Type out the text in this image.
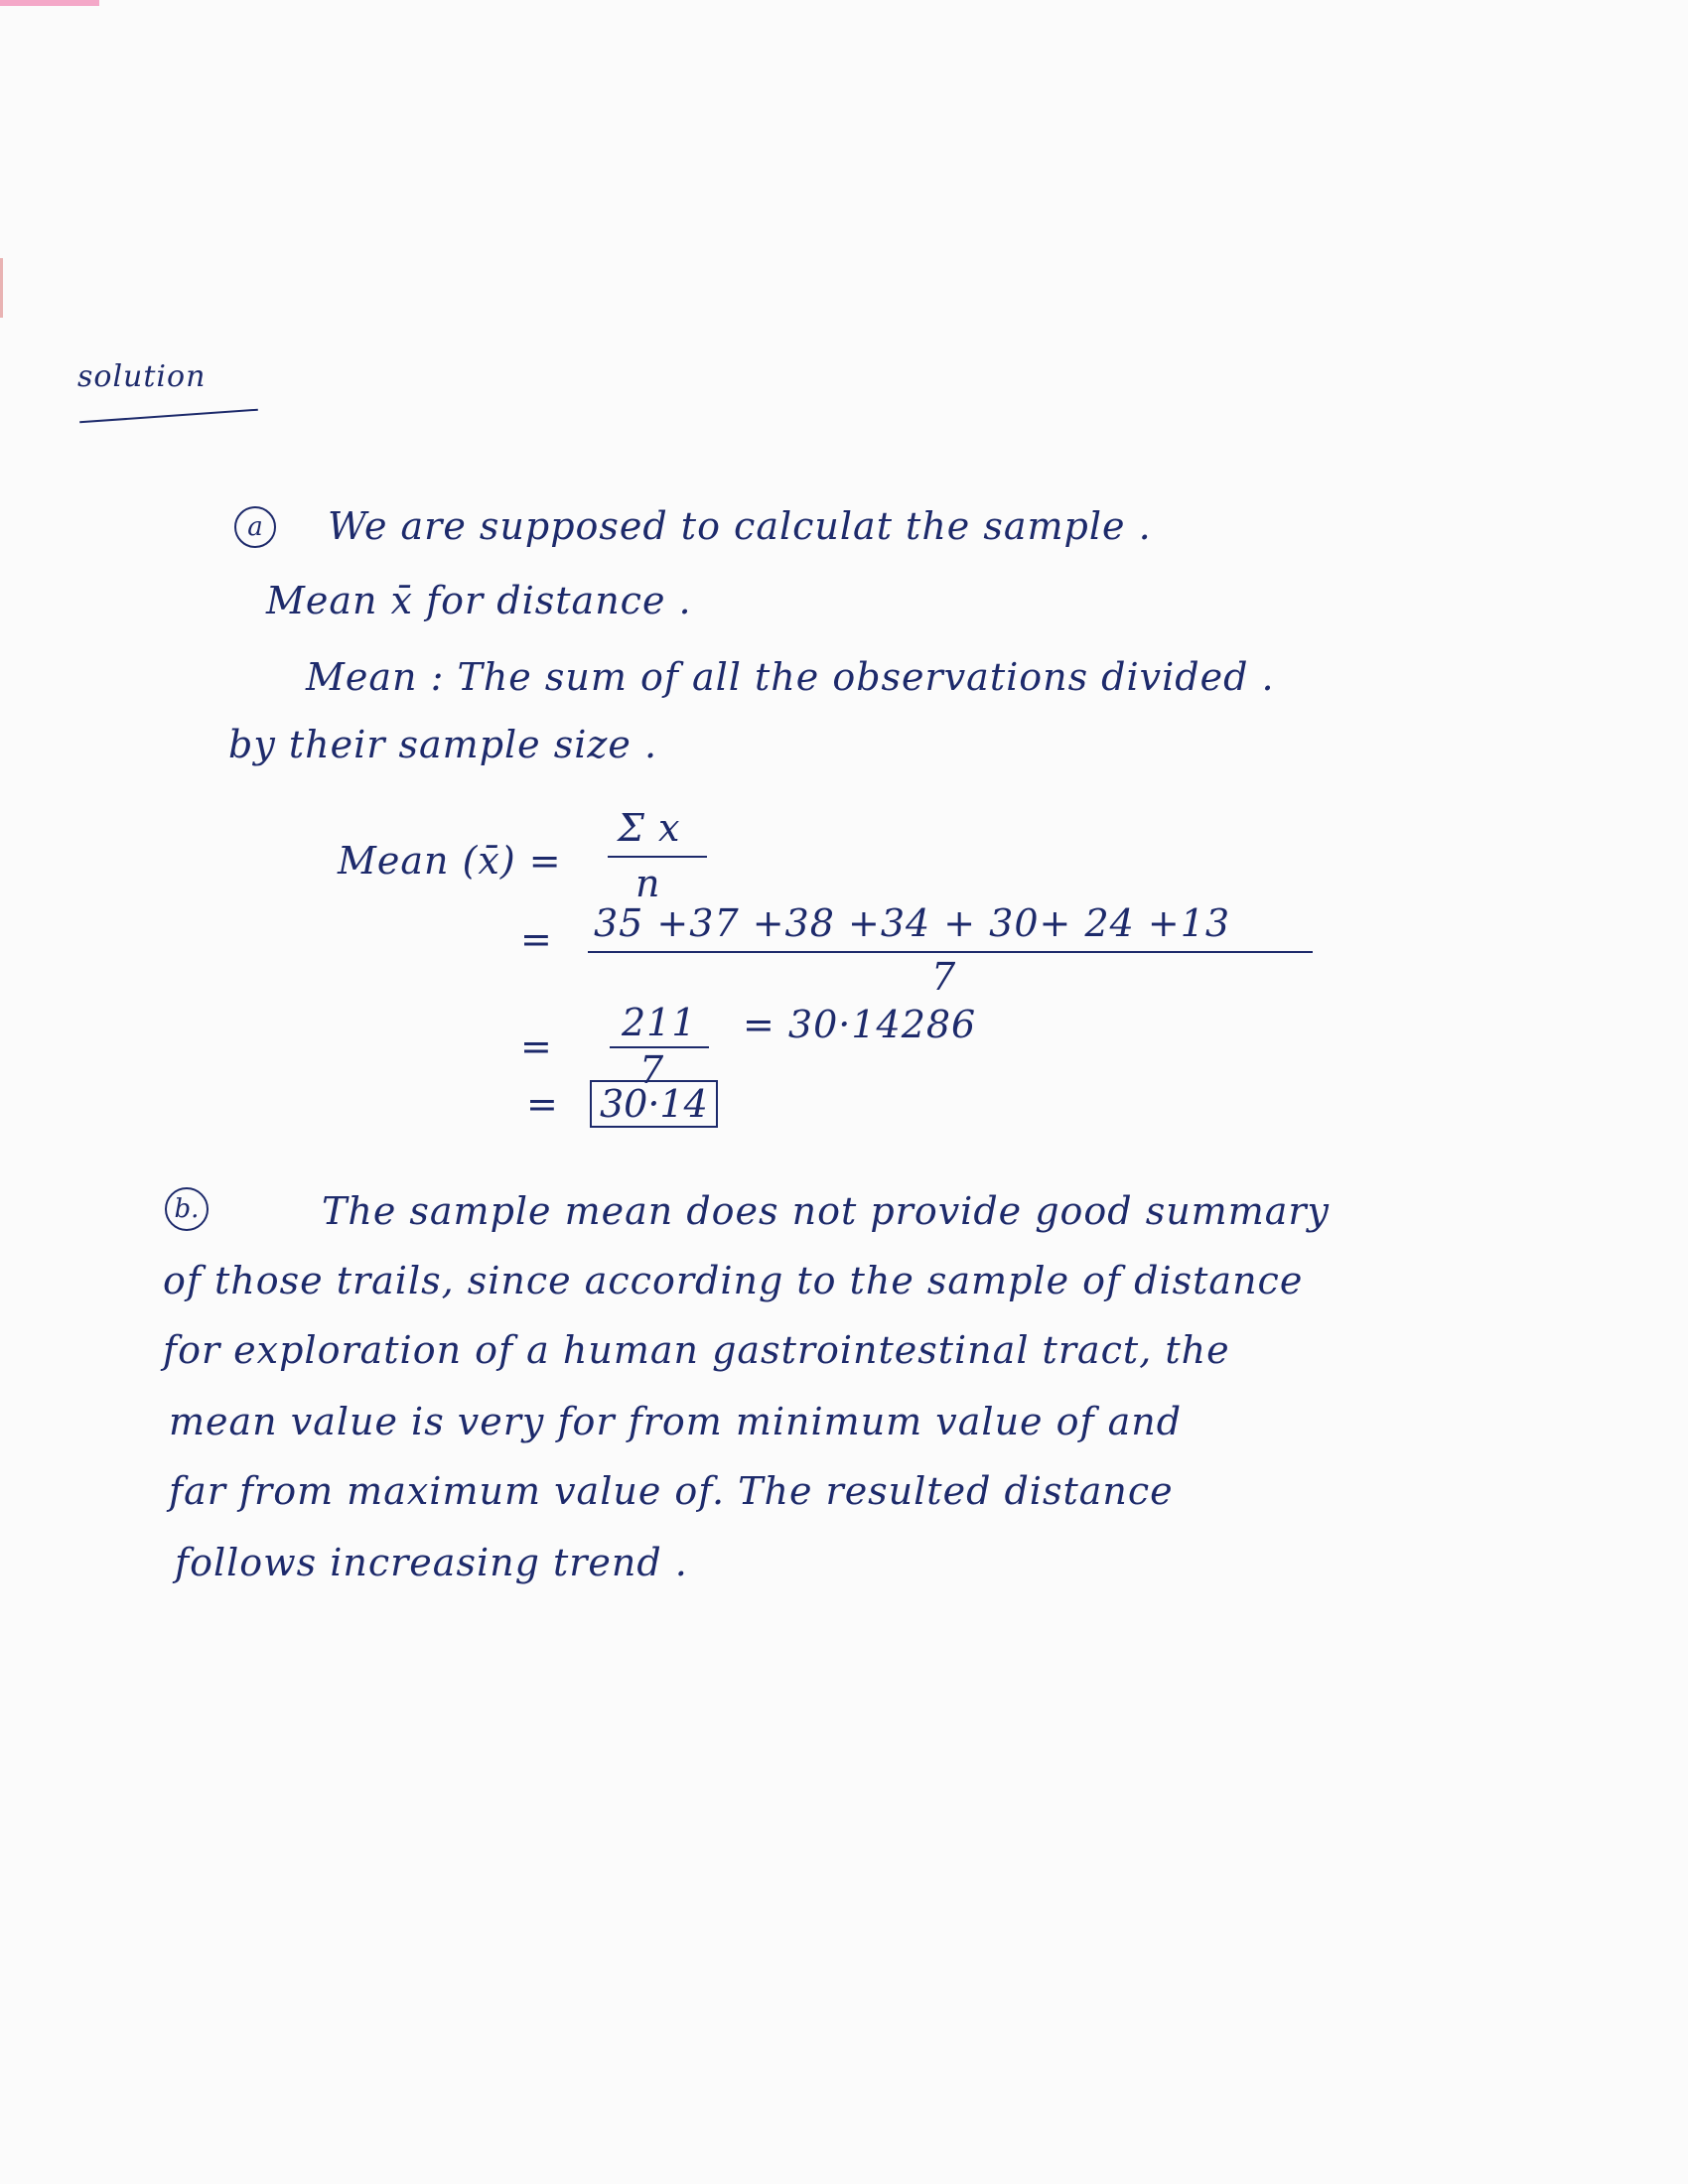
solution
a	We are supposed to calculat the sample .
Mean x̄ for distance .
Mean : The sum of all the observations divided .
by their sample size .
Mean (x̄) =
Σ x
n
= 35 +37 +38 +34 + 30+ 24 +13
7
=
211
7
= 30·14286
= 30·14
b.	The sample mean does not provide good summary
of those trails, since according to the sample of distance
for exploration of a human gastrointestinal tract, the
mean value is very for from minimum value of and
far from maximum value of. The resulted distance
follows increasing trend .
